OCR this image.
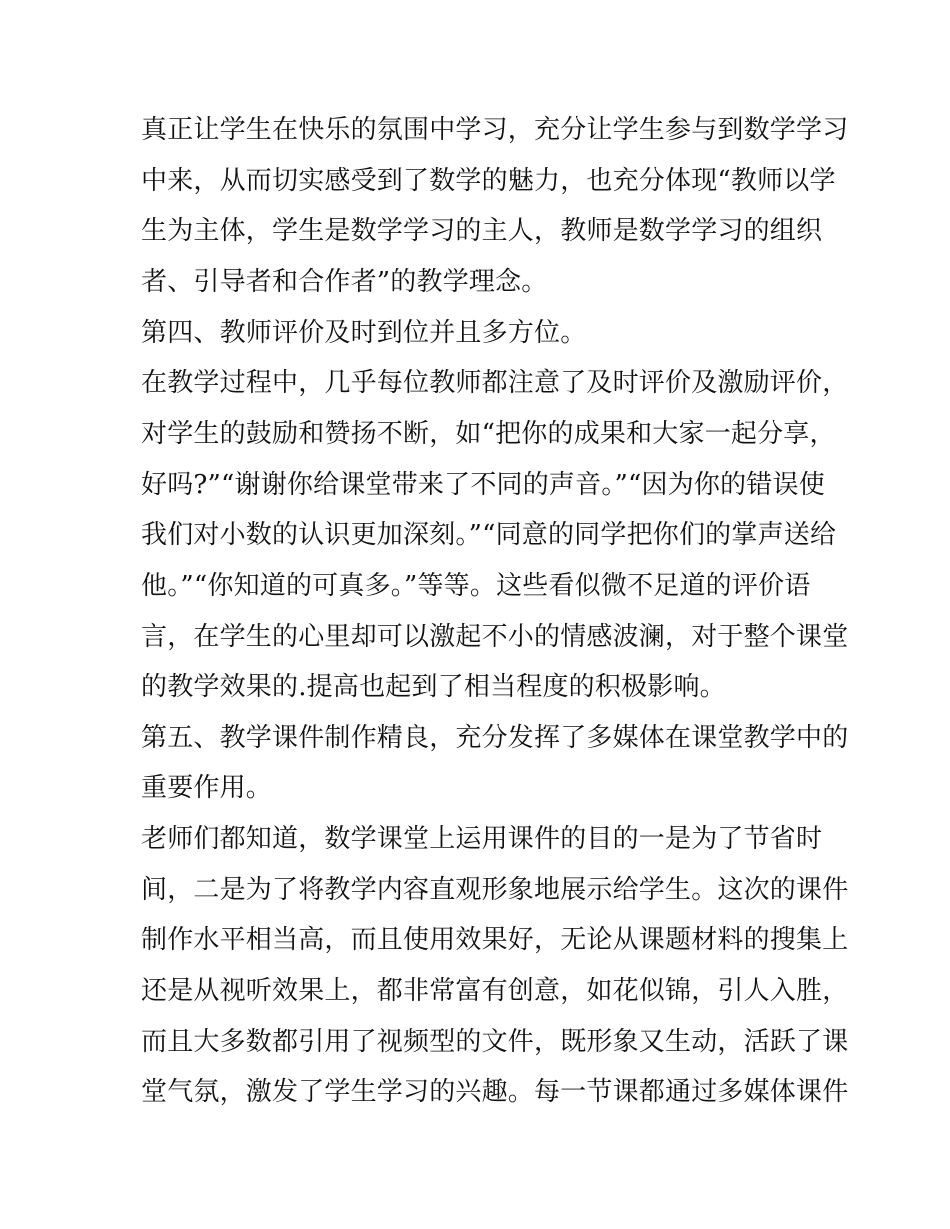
真正让学生在快乐的氛围中学习，充分让学生参与到数学学习
中来，从而切实感受到了数学的魅力，也充分体现“教师以学
生为主体，学生是数学学习的主人，教师是数学学习的组织
者、引导者和合作者”的教学理念。
第四、教师评价及时到位并且多方位。
在教学过程中，几乎每位教师都注意了及时评价及激励评价，
对学生的鼓励和赞扬不断，如“把你的成果和大家一起分享，
好吗?”“谢谢你给课堂带来了不同的声音。”“因为你的错误使
我们对小数的认识更加深刻。”“同意的同学把你们的掌声送给
他。”“你知道的可真多。”等等。这些看似微不足道的评价语
言，在学生的心里却可以激起不小的情感波澜，对于整个课堂
的教学效果的.提高也起到了相当程度的积极影响。
第五、教学课件制作精良，充分发挥了多媒体在课堂教学中的
重要作用。
老师们都知道，数学课堂上运用课件的目的一是为了节省时
间，二是为了将教学内容直观形象地展示给学生。这次的课件
制作水平相当高，而且使用效果好，无论从课题材料的搜集上
还是从视听效果上，都非常富有创意，如花似锦，引人入胜，
而且大多数都引用了视频型的文件，既形象又生动，活跃了课
堂气氛，激发了学生学习的兴趣。每一节课都通过多媒体课件
